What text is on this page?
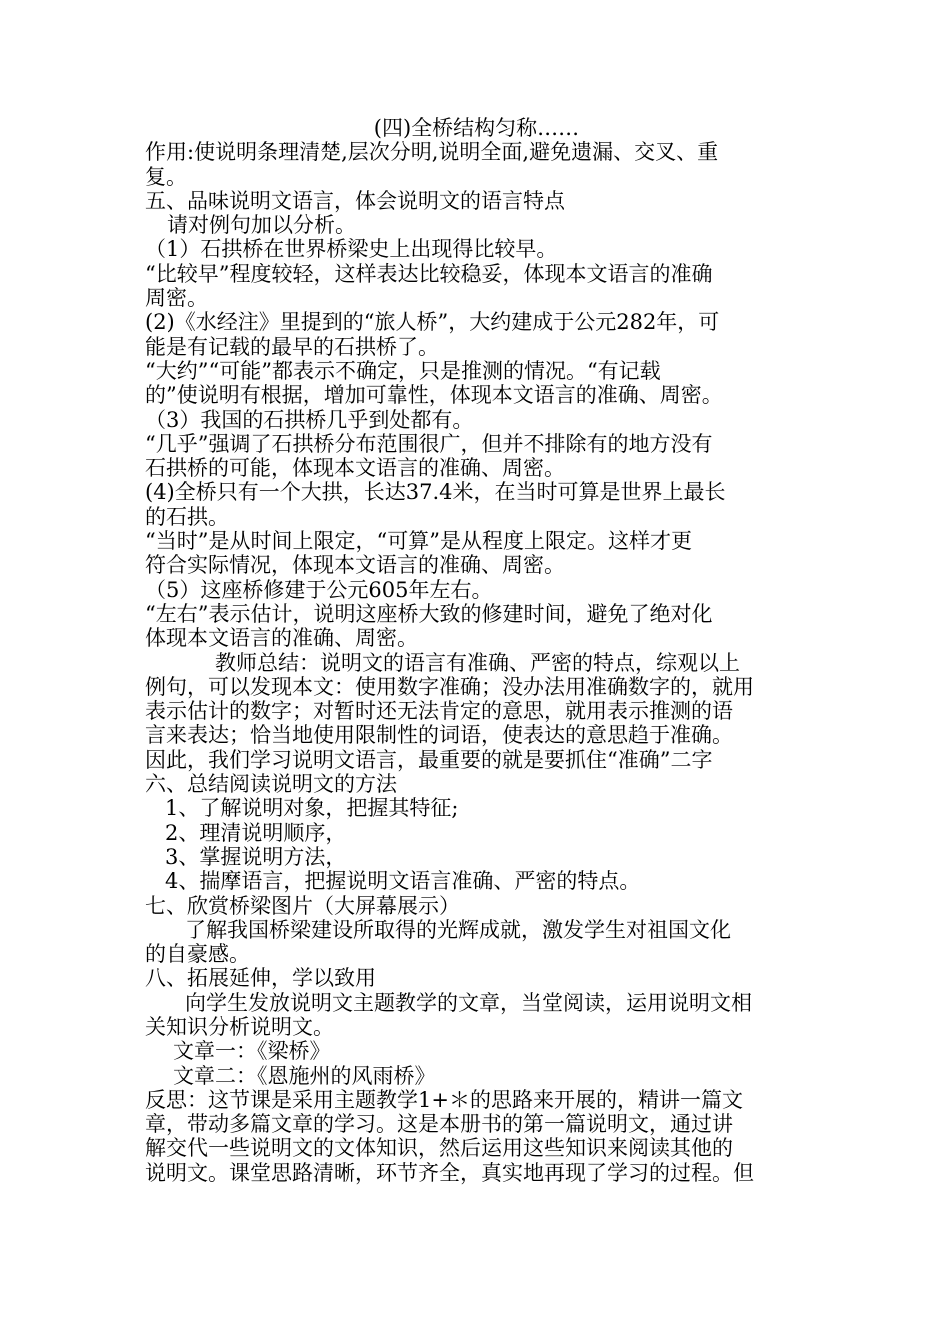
(四)全桥结构匀称……

作用:使说明条理清楚,层次分明,说明全面,避免遗漏、交叉、重

复。

五、品味说明文语言，体会说明文的语言特点

请对例句加以分析。

（1）石拱桥在世界桥梁史上出现得比较早。

“比较早”程度较轻，这样表达比较稳妥，体现本文语言的准确

周密。

(2)《水经注》里提到的“旅人桥”，大约建成于公元282年，可

能是有记载的最早的石拱桥了。

“大约”“可能”都表示不确定，只是推测的情况。“有记载

的”使说明有根据，增加可靠性，体现本文语言的准确、周密。

（3）我国的石拱桥几乎到处都有。

“几乎”强调了石拱桥分布范围很广，但并不排除有的地方没有

石拱桥的可能，体现本文语言的准确、周密。

(4)全桥只有一个大拱，长达37.4米，在当时可算是世界上最长

的石拱。

“当时”是从时间上限定，“可算”是从程度上限定。这样才更

符合实际情况，体现本文语言的准确、周密。

（5）这座桥修建于公元605年左右。

“左右”表示估计，说明这座桥大致的修建时间，避免了绝对化

体现本文语言的准确、周密。

教师总结：说明文的语言有准确、严密的特点，综观以上

例句，可以发现本文：使用数字准确；没办法用准确数字的，就用

表示估计的数字；对暂时还无法肯定的意思，就用表示推测的语

言来表达；恰当地使用限制性的词语，使表达的意思趋于准确。

因此，我们学习说明文语言，最重要的就是要抓住“准确”二字

六、总结阅读说明文的方法

1、了解说明对象，把握其特征;

2、理清说明顺序，

3、掌握说明方法，

4、揣摩语言，把握说明文语言准确、严密的特点。

七、欣赏桥梁图片（大屏幕展示）

了解我国桥梁建设所取得的光辉成就，激发学生对祖国文化

的自豪感。

八、拓展延伸，学以致用

向学生发放说明文主题教学的文章，当堂阅读，运用说明文相

关知识分析说明文。

文章一：《梁桥》

文章二：《恩施州的风雨桥》

反思：这节课是采用主题教学1+＊的思路来开展的，精讲一篇文

章，带动多篇文章的学习。这是本册书的第一篇说明文，通过讲

解交代一些说明文的文体知识，然后运用这些知识来阅读其他的

说明文。课堂思路清晰，环节齐全，真实地再现了学习的过程。但
